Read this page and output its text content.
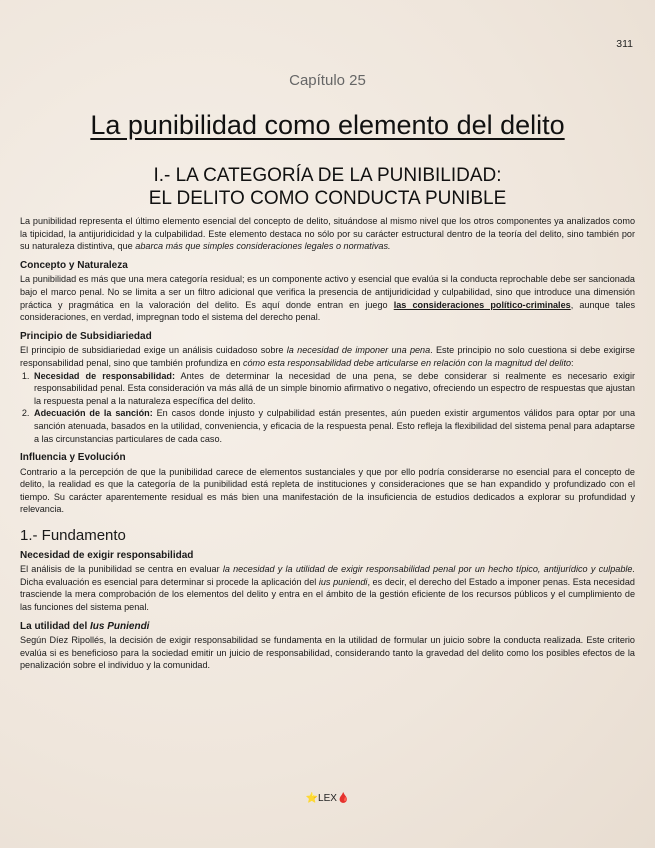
311
Capítulo 25
La punibilidad como elemento del delito
I.- LA CATEGORÍA DE LA PUNIBILIDAD:
EL DELITO COMO CONDUCTA PUNIBLE

La punibilidad representa el último elemento esencial del concepto de delito, situándose al mismo nivel que los otros componentes ya analizados como la tipicidad, la antijuridicidad y la culpabilidad. Este elemento destaca no sólo por su carácter estructural dentro de la teoría del delito, sino también por su naturaleza distintiva, que abarca más que simples consideraciones legales o normativas.

Concepto y Naturaleza

La punibilidad es más que una mera categoría residual; es un componente activo y esencial que evalúa si la conducta reprochable debe ser sancionada bajo el marco penal. No se limita a ser un filtro adicional que verifica la presencia de antijuridicidad y culpabilidad, sino que introduce una dimensión práctica y pragmática en la valoración del delito. Es aquí donde entran en juego las consideraciones político-criminales, aunque tales consideraciones, en verdad, impregnan todo el sistema del derecho penal.

Principio de Subsidiariedad

El principio de subsidiariedad exige un análisis cuidadoso sobre la necesidad de imponer una pena. Este principio no solo cuestiona si debe exigirse responsabilidad penal, sino que también profundiza en cómo esta responsabilidad debe articularse en relación con la magnitud del delito:

1. Necesidad de responsabilidad: Antes de determinar la necesidad de una pena, se debe considerar si realmente es necesario exigir responsabilidad penal. Esta consideración va más allá de un simple binomio afirmativo o negativo, ofreciendo un espectro de respuestas que ajustan la respuesta penal a la naturaleza específica del delito.
2. Adecuación de la sanción: En casos donde injusto y culpabilidad están presentes, aún pueden existir argumentos válidos para optar por una sanción atenuada, basados en la utilidad, conveniencia, y eficacia de la respuesta penal. Esto refleja la flexibilidad del sistema penal para adaptarse a las circunstancias particulares de cada caso.
Influencia y Evolución

Contrario a la percepción de que la punibilidad carece de elementos sustanciales y que por ello podría considerarse no esencial para el concepto de delito, la realidad es que la categoría de la punibilidad está repleta de instituciones y consideraciones que se han expandido y profundizado con el tiempo. Su carácter aparentemente residual es más bien una manifestación de la insuficiencia de estudios dedicados a explorar su profundidad y relevancia.

1.- Fundamento
Necesidad de exigir responsabilidad

El análisis de la punibilidad se centra en evaluar la necesidad y la utilidad de exigir responsabilidad penal por un hecho típico, antijurídico y culpable. Dicha evaluación es esencial para determinar si procede la aplicación del ius puniendi, es decir, el derecho del Estado a imponer penas. Esta necesidad trasciende la mera comprobación de los elementos del delito y entra en el ámbito de la gestión eficiente de los recursos públicos y el cumplimiento de las funciones del sistema penal.

La utilidad del Ius Puniendi

Según Díez Ripollés, la decisión de exigir responsabilidad se fundamenta en la utilidad de formular un juicio sobre la conducta realizada. Este criterio evalúa si es beneficioso para la sociedad emitir un juicio de responsabilidad, considerando tanto la gravedad del delito como los posibles efectos de la penalización sobre el individuo y la comunidad.

⭐LEX🩸
